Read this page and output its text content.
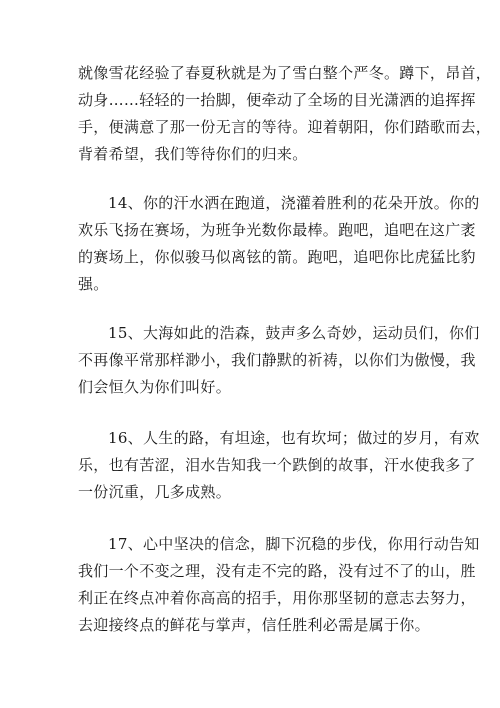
就像雪花经验了春夏秋就是为了雪白整个严冬。蹲下，昂首，
动身……轻轻的一抬脚，便牵动了全场的目光潇洒的追挥挥
手，便满意了那一份无言的等待。迎着朝阳，你们踏歌而去，
背着希望，我们等待你们的归来。
14、你的汗水洒在跑道，浇灌着胜利的花朵开放。你的
欢乐飞扬在赛场，为班争光数你最棒。跑吧，追吧在这广袤
的赛场上，你似骏马似离铉的箭。跑吧，追吧你比虎猛比豹
强。
15、大海如此的浩森，鼓声多么奇妙，运动员们，你们
不再像平常那样渺小，我们静默的祈祷，以你们为傲慢，我
们会恒久为你们叫好。
16、人生的路，有坦途，也有坎坷；做过的岁月，有欢
乐，也有苦涩，泪水告知我一个跌倒的故事，汗水使我多了
一份沉重，几多成熟。
17、心中坚决的信念，脚下沉稳的步伐，你用行动告知
我们一个不变之理，没有走不完的路，没有过不了的山，胜
利正在终点冲着你高高的招手，用你那坚韧的意志去努力，
去迎接终点的鲜花与掌声，信任胜利必需是属于你。
